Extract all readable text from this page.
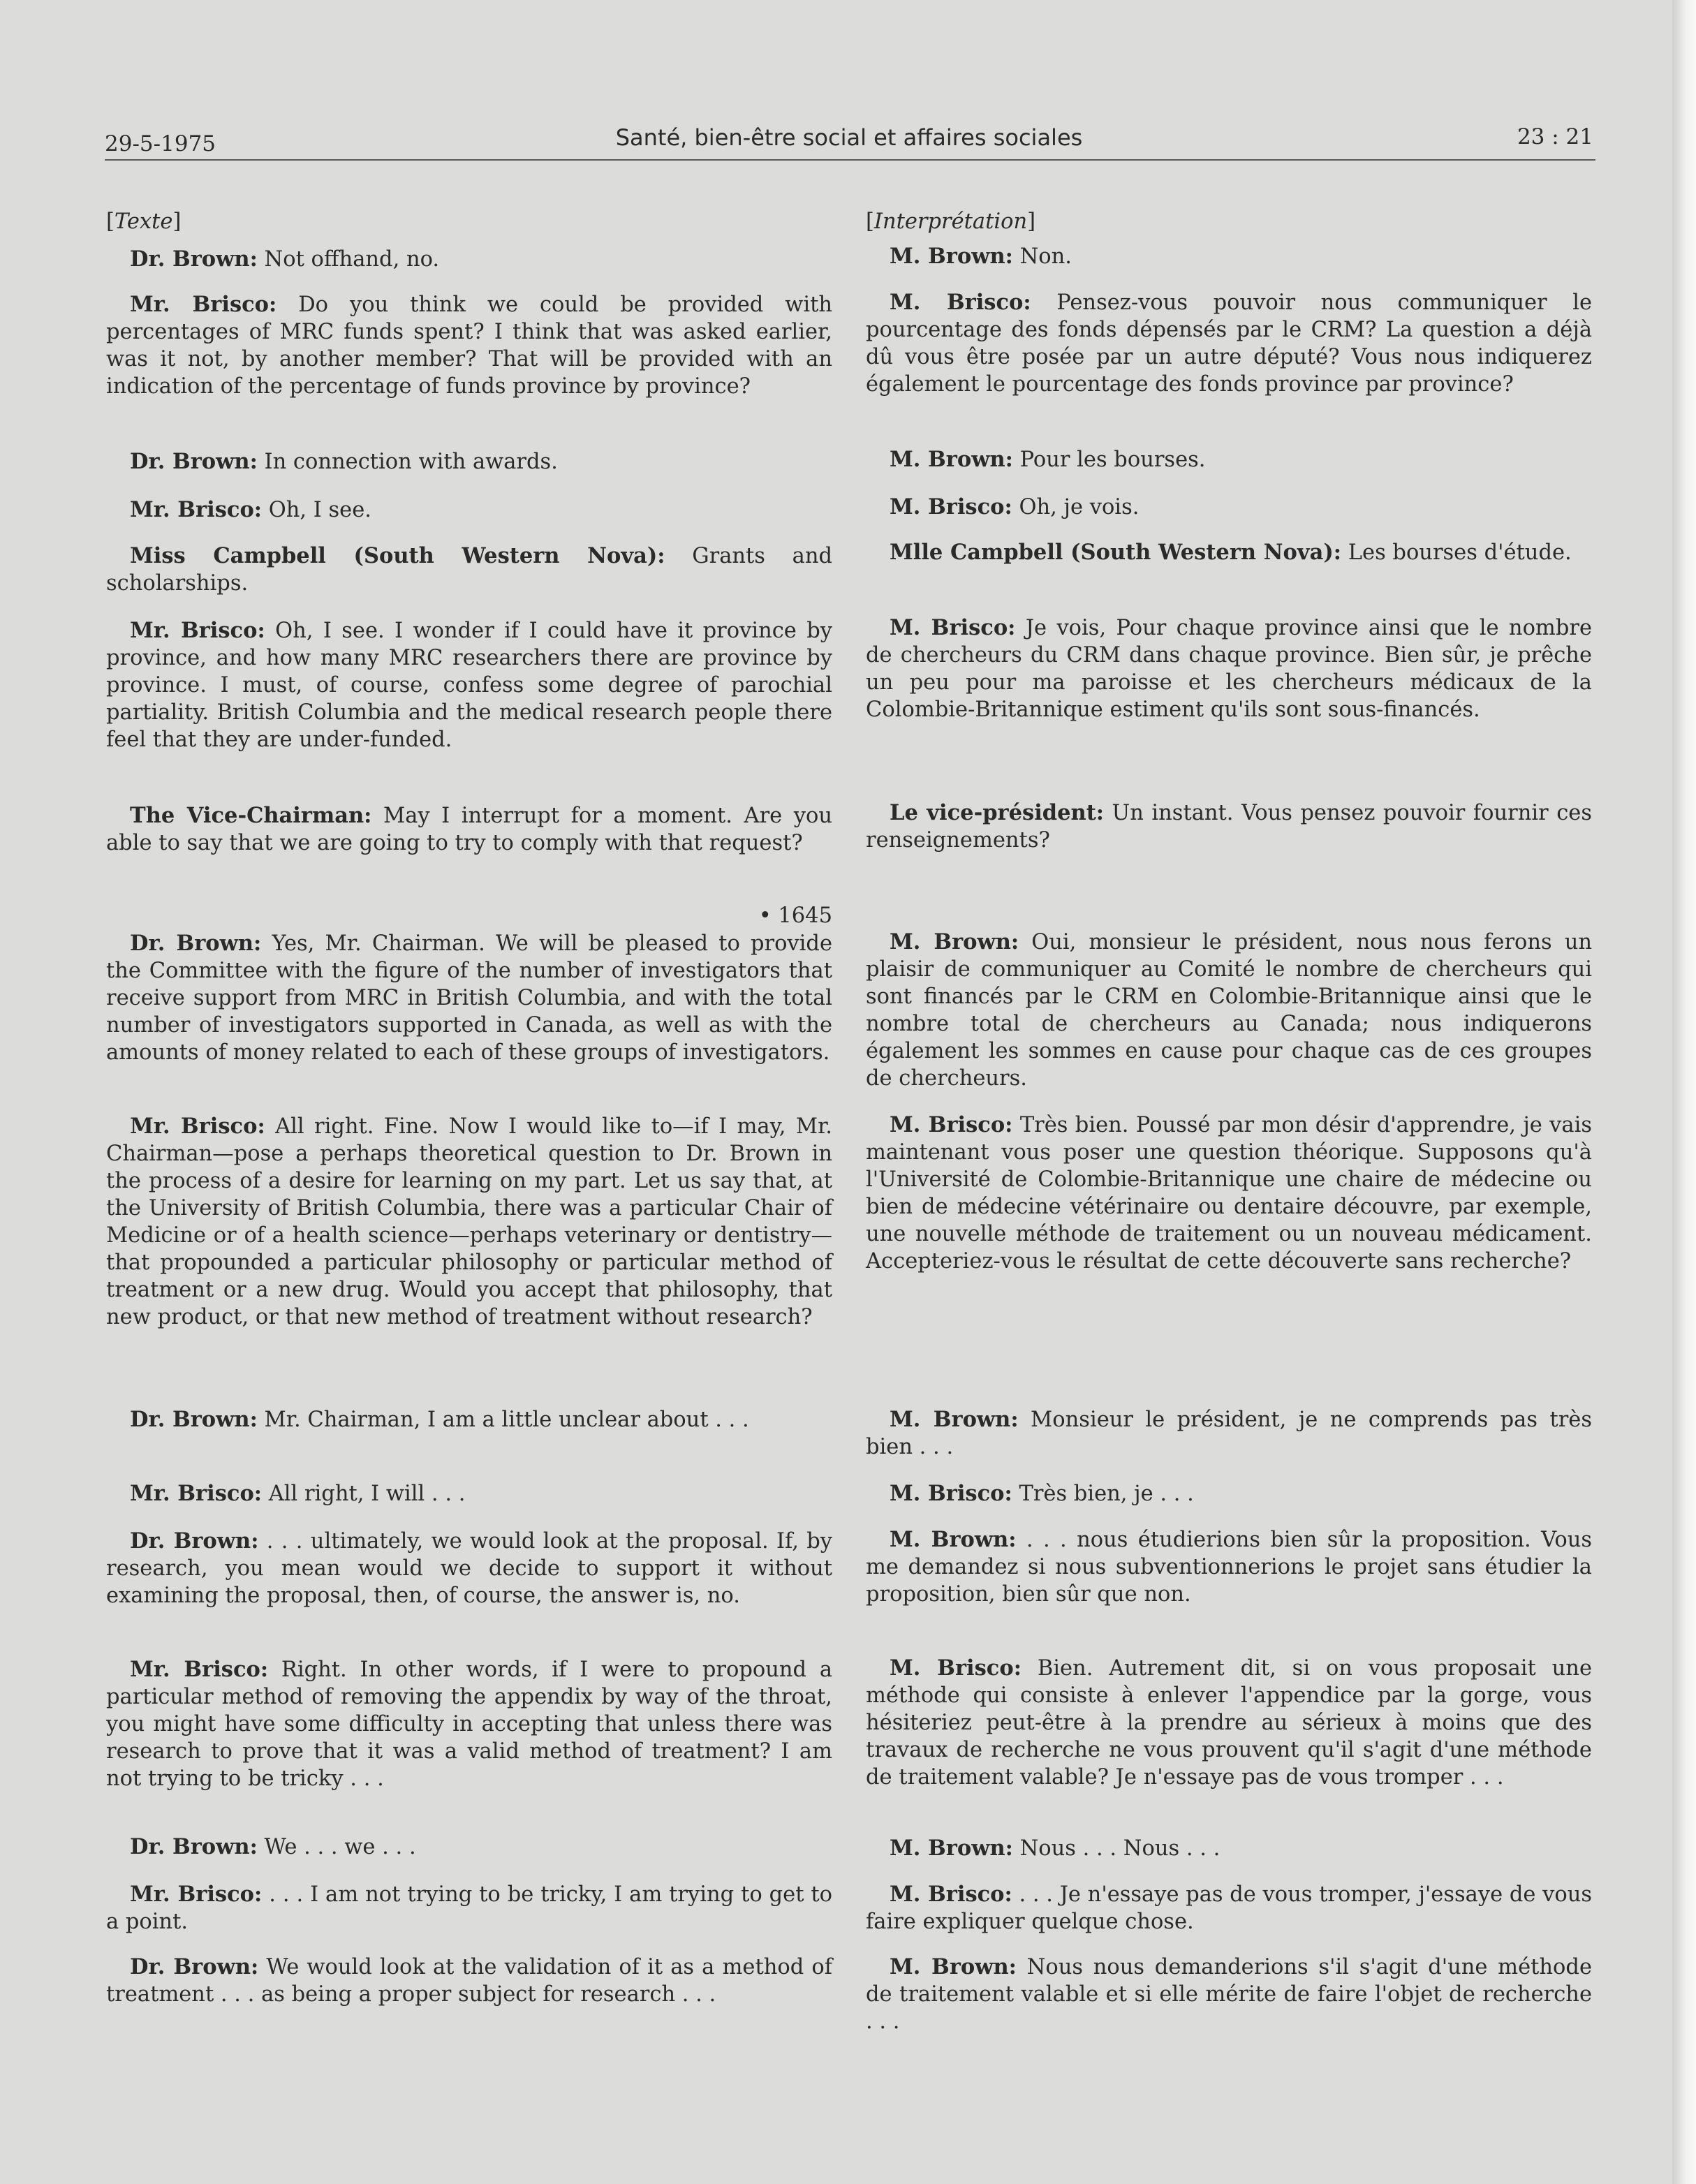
29-5-1975	Santé, bien-être social et affaires sociales	23 : 21

[Texte]

Dr. Brown: Not offhand, no.

Mr. Brisco: Do you think we could be provided with percentages of MRC funds spent? I think that was asked earlier, was it not, by another member? That will be provided with an indication of the percentage of funds province by province?

Dr. Brown: In connection with awards.

Mr. Brisco: Oh, I see.

Miss Campbell (South Western Nova): Grants and scholarships.

Mr. Brisco: Oh, I see. I wonder if I could have it province by province, and how many MRC researchers there are province by province. I must, of course, confess some degree of parochial partiality. British Columbia and the medical research people there feel that they are under-funded.

The Vice-Chairman: May I interrupt for a moment. Are you able to say that we are going to try to comply with that request?

• 1645

Dr. Brown: Yes, Mr. Chairman. We will be pleased to provide the Committee with the figure of the number of investigators that receive support from MRC in British Columbia, and with the total number of investigators supported in Canada, as well as with the amounts of money related to each of these groups of investigators.

Mr. Brisco: All right. Fine. Now I would like to—if I may, Mr. Chairman—pose a perhaps theoretical question to Dr. Brown in the process of a desire for learning on my part. Let us say that, at the University of British Columbia, there was a particular Chair of Medicine or of a health science—perhaps veterinary or dentistry—that propounded a particular philosophy or particular method of treatment or a new drug. Would you accept that philosophy, that new product, or that new method of treatment without research?

Dr. Brown: Mr. Chairman, I am a little unclear about . . .

Mr. Brisco: All right, I will . . .

Dr. Brown: . . . ultimately, we would look at the proposal. If, by research, you mean would we decide to support it without examining the proposal, then, of course, the answer is, no.

Mr. Brisco: Right. In other words, if I were to propound a particular method of removing the appendix by way of the throat, you might have some difficulty in accepting that unless there was research to prove that it was a valid method of treatment? I am not trying to be tricky . . .

Dr. Brown: We . . . we . . .

Mr. Brisco: . . . I am not trying to be tricky, I am trying to get to a point.

Dr. Brown: We would look at the validation of it as a method of treatment . . . as being a proper subject for research . . .

[Interprétation]

M. Brown: Non.

M. Brisco: Pensez-vous pouvoir nous communiquer le pourcentage des fonds dépensés par le CRM? La question a déjà dû vous être posée par un autre député? Vous nous indiquerez également le pourcentage des fonds province par province?

M. Brown: Pour les bourses.

M. Brisco: Oh, je vois.

Mlle Campbell (South Western Nova): Les bourses d'étude.

M. Brisco: Je vois, Pour chaque province ainsi que le nombre de chercheurs du CRM dans chaque province. Bien sûr, je prêche un peu pour ma paroisse et les chercheurs médicaux de la Colombie-Britannique estiment qu'ils sont sous-financés.

Le vice-président: Un instant. Vous pensez pouvoir fournir ces renseignements?

M. Brown: Oui, monsieur le président, nous nous ferons un plaisir de communiquer au Comité le nombre de chercheurs qui sont financés par le CRM en Colombie-Britannique ainsi que le nombre total de chercheurs au Canada; nous indiquerons également les sommes en cause pour chaque cas de ces groupes de chercheurs.

M. Brisco: Très bien. Poussé par mon désir d'apprendre, je vais maintenant vous poser une question théorique. Supposons qu'à l'Université de Colombie-Britannique une chaire de médecine ou bien de médecine vétérinaire ou dentaire découvre, par exemple, une nouvelle méthode de traitement ou un nouveau médicament. Accepteriez-vous le résultat de cette découverte sans recherche?

M. Brown: Monsieur le président, je ne comprends pas très bien . . .

M. Brisco: Très bien, je . . .

M. Brown: . . . nous étudierions bien sûr la proposition. Vous me demandez si nous subventionnerions le projet sans étudier la proposition, bien sûr que non.

M. Brisco: Bien. Autrement dit, si on vous proposait une méthode qui consiste à enlever l'appendice par la gorge, vous hésiteriez peut-être à la prendre au sérieux à moins que des travaux de recherche ne vous prouvent qu'il s'agit d'une méthode de traitement valable? Je n'essaye pas de vous tromper . . .

M. Brown: Nous . . . Nous . . .

M. Brisco: . . . Je n'essaye pas de vous tromper, j'essaye de vous faire expliquer quelque chose.

M. Brown: Nous nous demanderions s'il s'agit d'une méthode de traitement valable et si elle mérite de faire l'objet de recherche . . .
